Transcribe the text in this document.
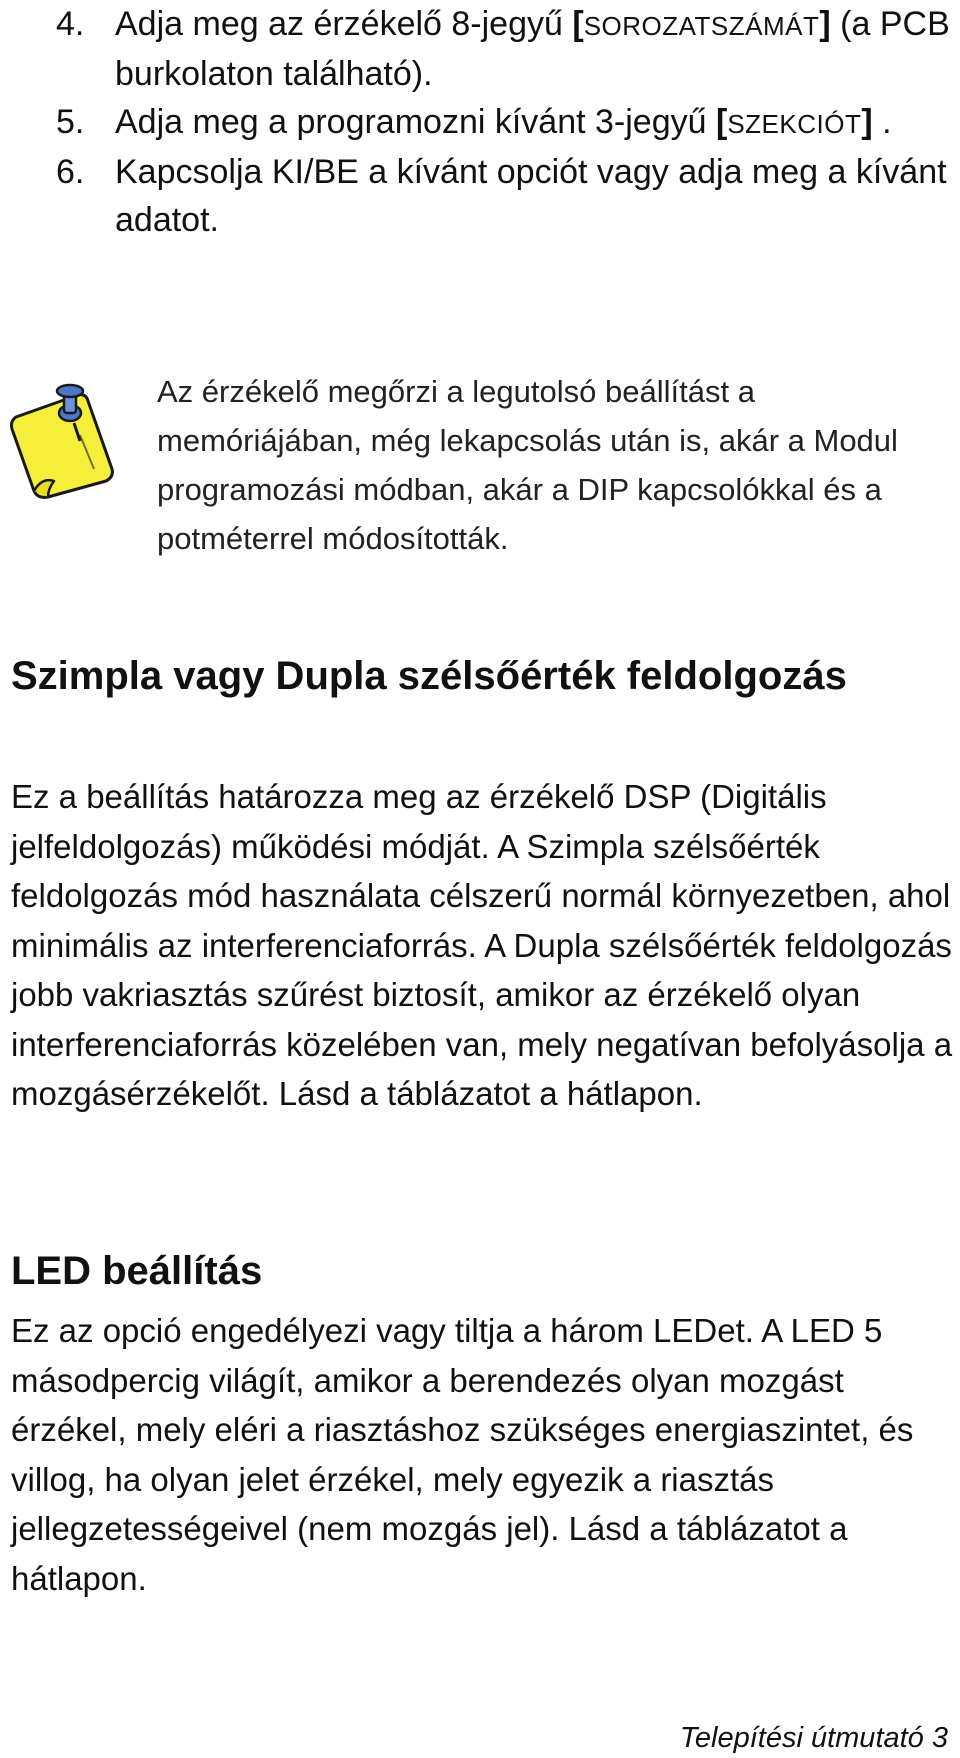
4. Adja meg az érzékelő 8-jegyű [SOROZATSZÁMÁT] (a PCB burkolaton található).
5. Adja meg a programozni kívánt 3-jegyű [SZEKCIÓT] .
6. Kapcsolja KI/BE a kívánt opciót vagy adja meg a kívánt adatot.

Az érzékelő megőrzi a legutolsó beállítást a memóriájában, még lekapcsolás után is, akár a Modul programozási módban, akár a DIP kapcsolókkal és a potméterrel módosították.

Szimpla vagy Dupla szélsőérték feldolgozás

Ez a beállítás határozza meg az érzékelő DSP (Digitális jelfeldolgozás) működési módját. A Szimpla szélsőérték feldolgozás mód használata célszerű normál környezetben, ahol minimális az interferenciaforrás. A Dupla szélsőérték feldolgozás jobb vakriasztás szűrést biztosít, amikor az érzékelő olyan interferenciaforrás közelében van, mely negatívan befolyásolja a mozgásérzékelőt. Lásd a táblázatot a hátlapon.

LED beállítás

Ez az opció engedélyezi vagy tiltja a három LEDet. A LED 5 másodpercig világít, amikor a berendezés olyan mozgást érzékel, mely eléri a riasztáshoz szükséges energiaszintet, és villog, ha olyan jelet érzékel, mely egyezik a riasztás jellegzetességeivel (nem mozgás jel). Lásd a táblázatot a hátlapon.

Telepítési útmutató 3
